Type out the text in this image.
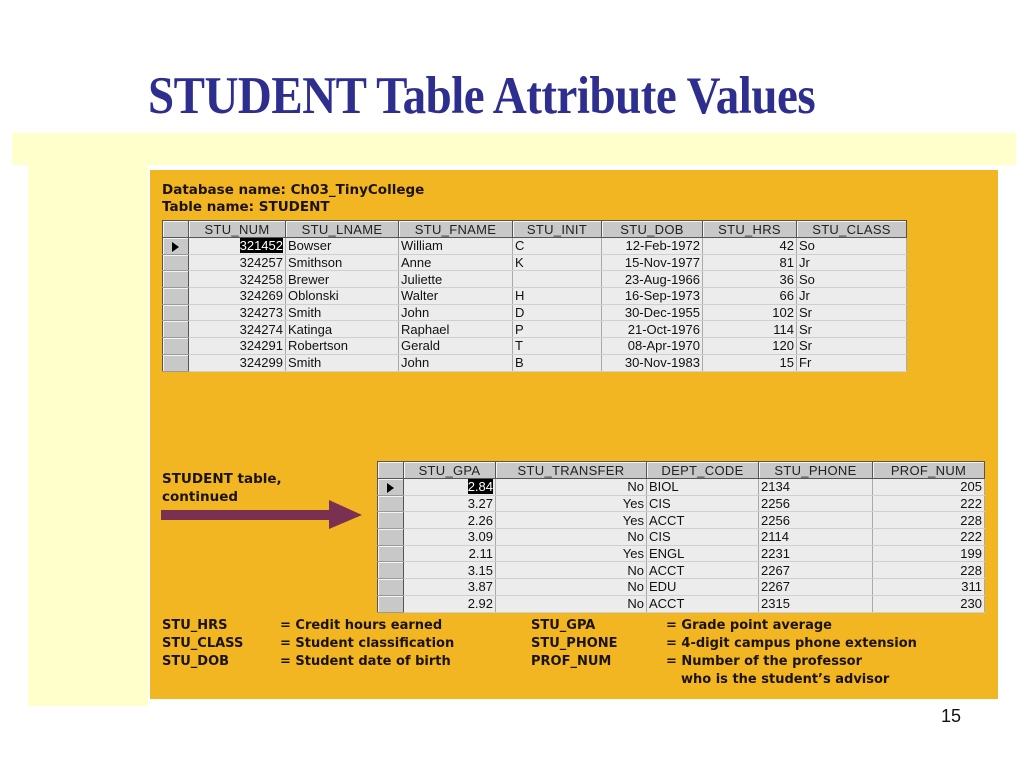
STUDENT Table Attribute Values
Database name: Ch03_TinyCollege
Table name: STUDENT
	STU_NUM	STU_LNAME	STU_FNAME	STU_INIT	STU_DOB	STU_HRS	STU_CLASS
	321452	Bowser	William	C	12-Feb-1972	42	So
	324257	Smithson	Anne	K	15-Nov-1977	81	Jr
	324258	Brewer	Juliette		23-Aug-1966	36	So
	324269	Oblonski	Walter	H	16-Sep-1973	66	Jr
	324273	Smith	John	D	30-Dec-1955	102	Sr
	324274	Katinga	Raphael	P	21-Oct-1976	114	Sr
	324291	Robertson	Gerald	T	08-Apr-1970	120	Sr
	324299	Smith	John	B	30-Nov-1983	15	Fr
STUDENT table,
continued
	STU_GPA	STU_TRANSFER	DEPT_CODE	STU_PHONE	PROF_NUM
	2.84	No	BIOL	2134	205
	3.27	Yes	CIS	2256	222
	2.26	Yes	ACCT	2256	228
	3.09	No	CIS	2114	222
	2.11	Yes	ENGL	2231	199
	3.15	No	ACCT	2267	228
	3.87	No	EDU	2267	311
	2.92	No	ACCT	2315	230
STU_HRS	= Credit hours earned
STU_CLASS	= Student classification
STU_DOB	= Student date of birth
STU_GPA	= Grade point average
STU_PHONE	= 4-digit campus phone extension
PROF_NUM	= Number of the professor
who is the student’s advisor
15
